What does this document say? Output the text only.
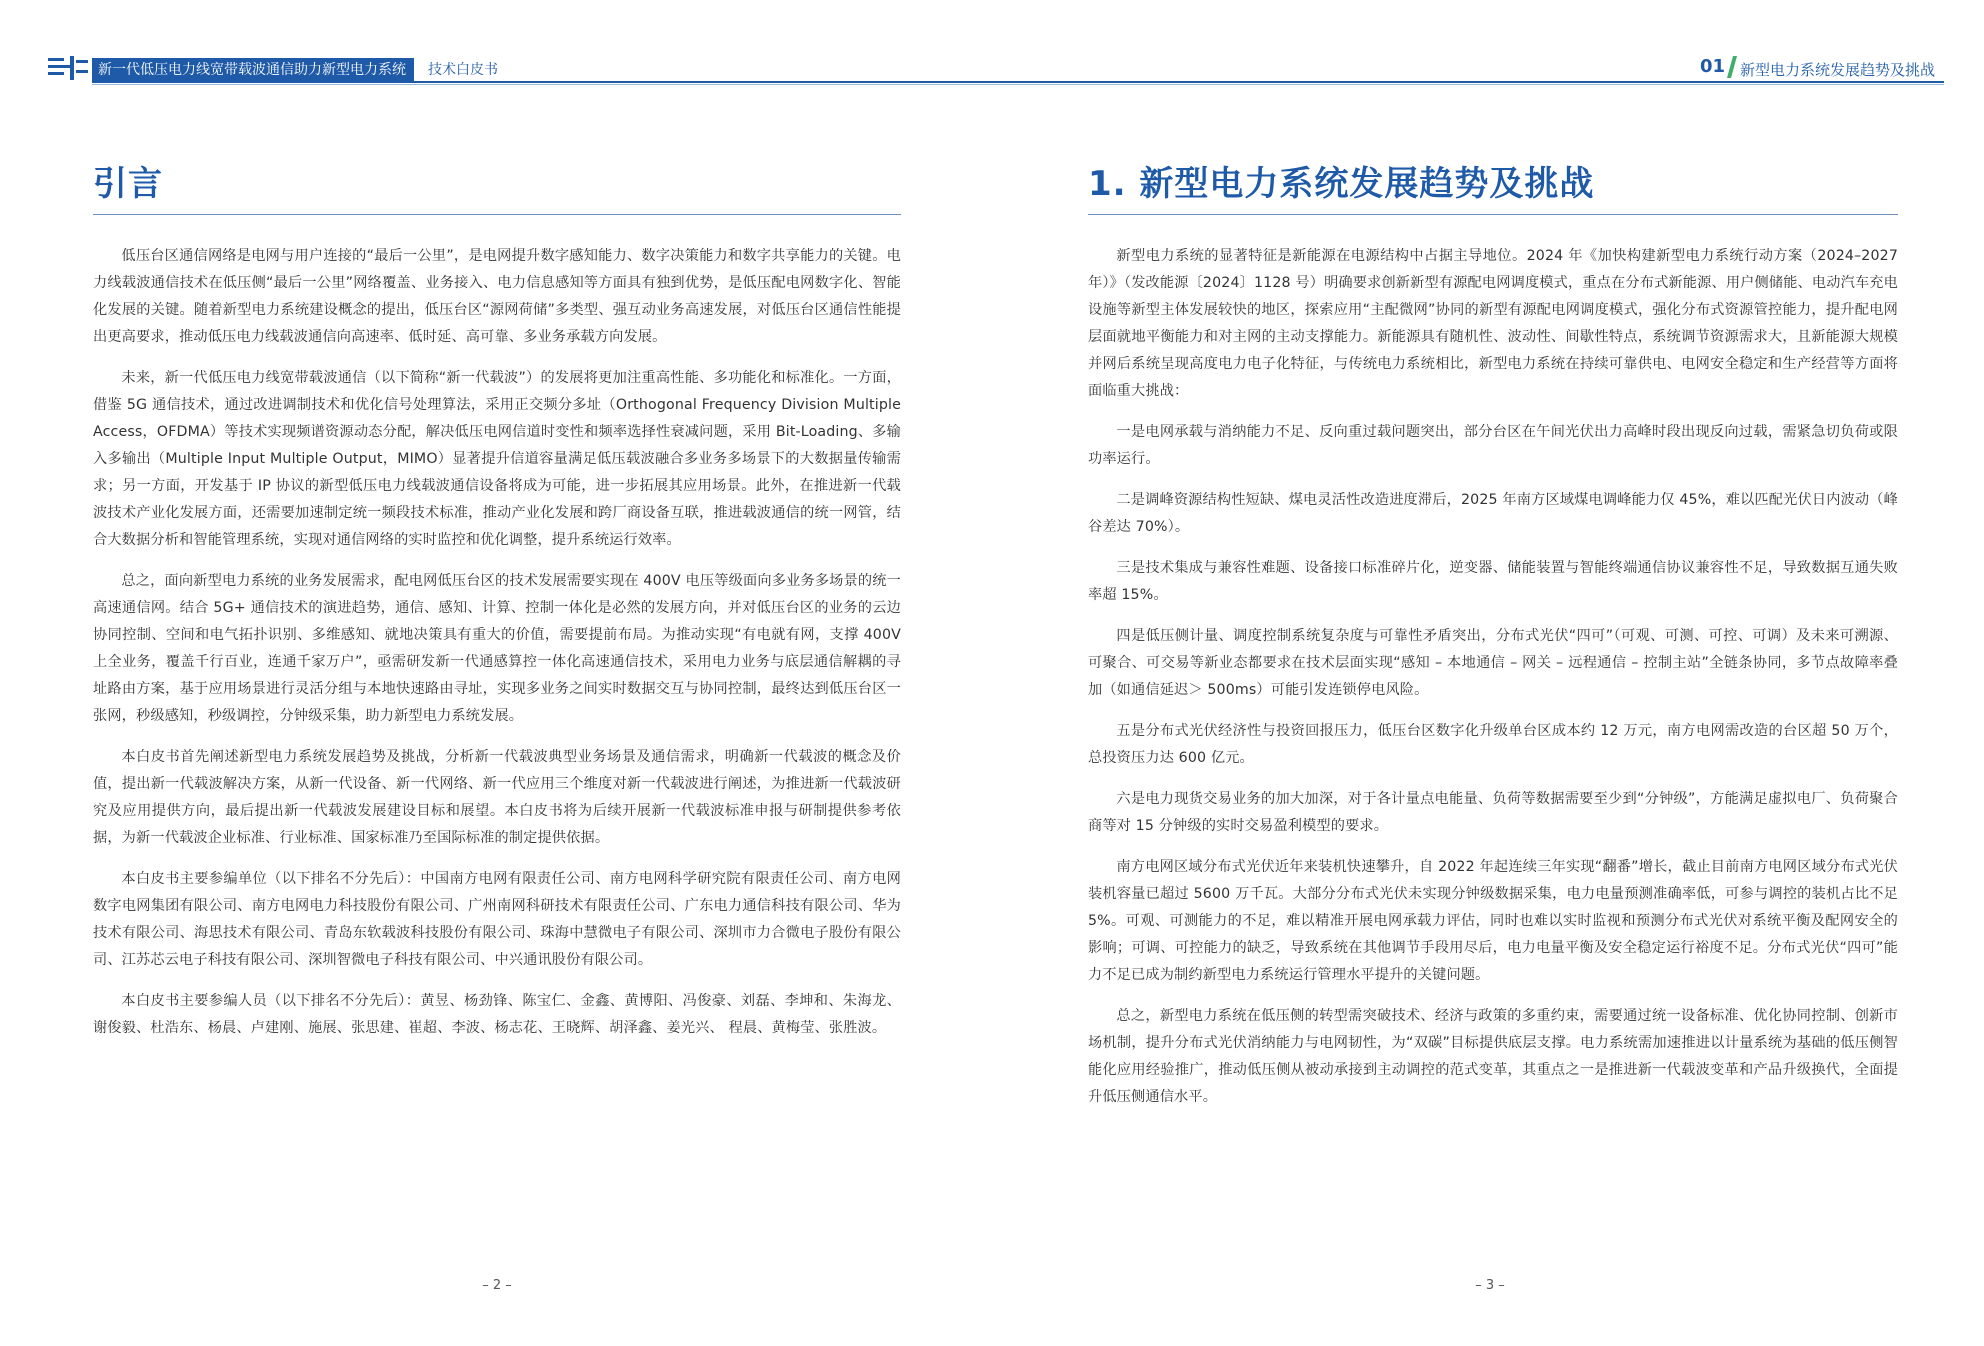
新一代低压电力线宽带载波通信助力新型电力系统	技术白皮书	01 新型电力系统发展趋势及挑战
引言

低压台区通信网络是电网与用户连接的“最后一公里”，是电网提升数字感知能力、数字决策能力和数字共享能力的关键。电力线载波通信技术在低压侧“最后一公里”网络覆盖、业务接入、电力信息感知等方面具有独到优势，是低压配电网数字化、智能化发展的关键。随着新型电力系统建设概念的提出，低压台区“源网荷储”多类型、强互动业务高速发展，对低压台区通信性能提出更高要求，推动低压电力线载波通信向高速率、低时延、高可靠、多业务承载方向发展。

未来，新一代低压电力线宽带载波通信（以下简称“新一代载波”）的发展将更加注重高性能、多功能化和标准化。一方面，借鉴 5G 通信技术，通过改进调制技术和优化信号处理算法，采用正交频分多址（Orthogonal Frequency Division Multiple Access，OFDMA）等技术实现频谱资源动态分配，解决低压电网信道时变性和频率选择性衰减问题，采用 Bit-Loading、多输入多输出（Multiple Input Multiple Output，MIMO）显著提升信道容量满足低压载波融合多业务多场景下的大数据量传输需求；另一方面，开发基于 IP 协议的新型低压电力线载波通信设备将成为可能，进一步拓展其应用场景。此外，在推进新一代载波技术产业化发展方面，还需要加速制定统一频段技术标准，推动产业化发展和跨厂商设备互联，推进载波通信的统一网管，结合大数据分析和智能管理系统，实现对通信网络的实时监控和优化调整，提升系统运行效率。

总之，面向新型电力系统的业务发展需求，配电网低压台区的技术发展需要实现在 400V 电压等级面向多业务多场景的统一高速通信网。结合 5G+ 通信技术的演进趋势，通信、感知、计算、控制一体化是必然的发展方向，并对低压台区的业务的云边协同控制、空间和电气拓扑识别、多维感知、就地决策具有重大的价值，需要提前布局。为推动实现“有电就有网，支撑 400V 上全业务，覆盖千行百业，连通千家万户”，亟需研发新一代通感算控一体化高速通信技术，采用电力业务与底层通信解耦的寻址路由方案，基于应用场景进行灵活分组与本地快速路由寻址，实现多业务之间实时数据交互与协同控制，最终达到低压台区一张网，秒级感知，秒级调控，分钟级采集，助力新型电力系统发展。

本白皮书首先阐述新型电力系统发展趋势及挑战，分析新一代载波典型业务场景及通信需求，明确新一代载波的概念及价值，提出新一代载波解决方案，从新一代设备、新一代网络、新一代应用三个维度对新一代载波进行阐述，为推进新一代载波研究及应用提供方向，最后提出新一代载波发展建设目标和展望。本白皮书将为后续开展新一代载波标准申报与研制提供参考依据，为新一代载波企业标准、行业标准、国家标准乃至国际标准的制定提供依据。

本白皮书主要参编单位（以下排名不分先后）：中国南方电网有限责任公司、南方电网科学研究院有限责任公司、南方电网数字电网集团有限公司、南方电网电力科技股份有限公司、广州南网科研技术有限责任公司、广东电力通信科技有限公司、华为技术有限公司、海思技术有限公司、青岛东软载波科技股份有限公司、珠海中慧微电子有限公司、深圳市力合微电子股份有限公司、江苏芯云电子科技有限公司、深圳智微电子科技有限公司、中兴通讯股份有限公司。

本白皮书主要参编人员（以下排名不分先后）：黄昱、杨劲锋、陈宝仁、金鑫、黄博阳、冯俊豪、刘磊、李坤和、朱海龙、谢俊毅、杜浩东、杨晨、卢建刚、施展、张思建、崔超、李波、杨志花、王晓辉、胡泽鑫、姜光兴、 程晨、黄梅莹、张胜波。

1. 新型电力系统发展趋势及挑战

新型电力系统的显著特征是新能源在电源结构中占据主导地位。2024 年《加快构建新型电力系统行动方案（2024–2027 年）》（发改能源〔2024〕1128 号）明确要求创新新型有源配电网调度模式，重点在分布式新能源、用户侧储能、电动汽车充电设施等新型主体发展较快的地区，探索应用“主配微网”协同的新型有源配电网调度模式，强化分布式资源管控能力，提升配电网层面就地平衡能力和对主网的主动支撑能力。新能源具有随机性、波动性、间歇性特点，系统调节资源需求大，且新能源大规模并网后系统呈现高度电力电子化特征，与传统电力系统相比，新型电力系统在持续可靠供电、电网安全稳定和生产经营等方面将面临重大挑战：

一是电网承载与消纳能力不足、反向重过载问题突出，部分台区在午间光伏出力高峰时段出现反向过载，需紧急切负荷或限功率运行。

二是调峰资源结构性短缺、煤电灵活性改造进度滞后，2025 年南方区域煤电调峰能力仅 45%，难以匹配光伏日内波动（峰谷差达 70%）。

三是技术集成与兼容性难题、设备接口标准碎片化，逆变器、储能装置与智能终端通信协议兼容性不足，导致数据互通失败率超 15%。

四是低压侧计量、调度控制系统复杂度与可靠性矛盾突出，分布式光伏“四可”（可观、可测、可控、可调）及未来可溯源、可聚合、可交易等新业态都要求在技术层面实现“感知 – 本地通信 – 网关 – 远程通信 – 控制主站”全链条协同，多节点故障率叠加（如通信延迟＞ 500ms）可能引发连锁停电风险。

五是分布式光伏经济性与投资回报压力，低压台区数字化升级单台区成本约 12 万元，南方电网需改造的台区超 50 万个，总投资压力达 600 亿元。

六是电力现货交易业务的加大加深，对于各计量点电能量、负荷等数据需要至少到“分钟级”，方能满足虚拟电厂、负荷聚合商等对 15 分钟级的实时交易盈利模型的要求。

南方电网区域分布式光伏近年来装机快速攀升，自 2022 年起连续三年实现“翻番”增长，截止目前南方电网区域分布式光伏装机容量已超过 5600 万千瓦。大部分分布式光伏未实现分钟级数据采集，电力电量预测准确率低，可参与调控的装机占比不足 5%。可观、可测能力的不足，难以精准开展电网承载力评估，同时也难以实时监视和预测分布式光伏对系统平衡及配网安全的影响；可调、可控能力的缺乏，导致系统在其他调节手段用尽后，电力电量平衡及安全稳定运行裕度不足。分布式光伏“四可”能力不足已成为制约新型电力系统运行管理水平提升的关键问题。

总之，新型电力系统在低压侧的转型需突破技术、经济与政策的多重约束，需要通过统一设备标准、优化协同控制、创新市场机制，提升分布式光伏消纳能力与电网韧性，为“双碳”目标提供底层支撑。电力系统需加速推进以计量系统为基础的低压侧智能化应用经验推广，推动低压侧从被动承接到主动调控的范式变革，其重点之一是推进新一代载波变革和产品升级换代，全面提升低压侧通信水平。

– 2 –	– 3 –
